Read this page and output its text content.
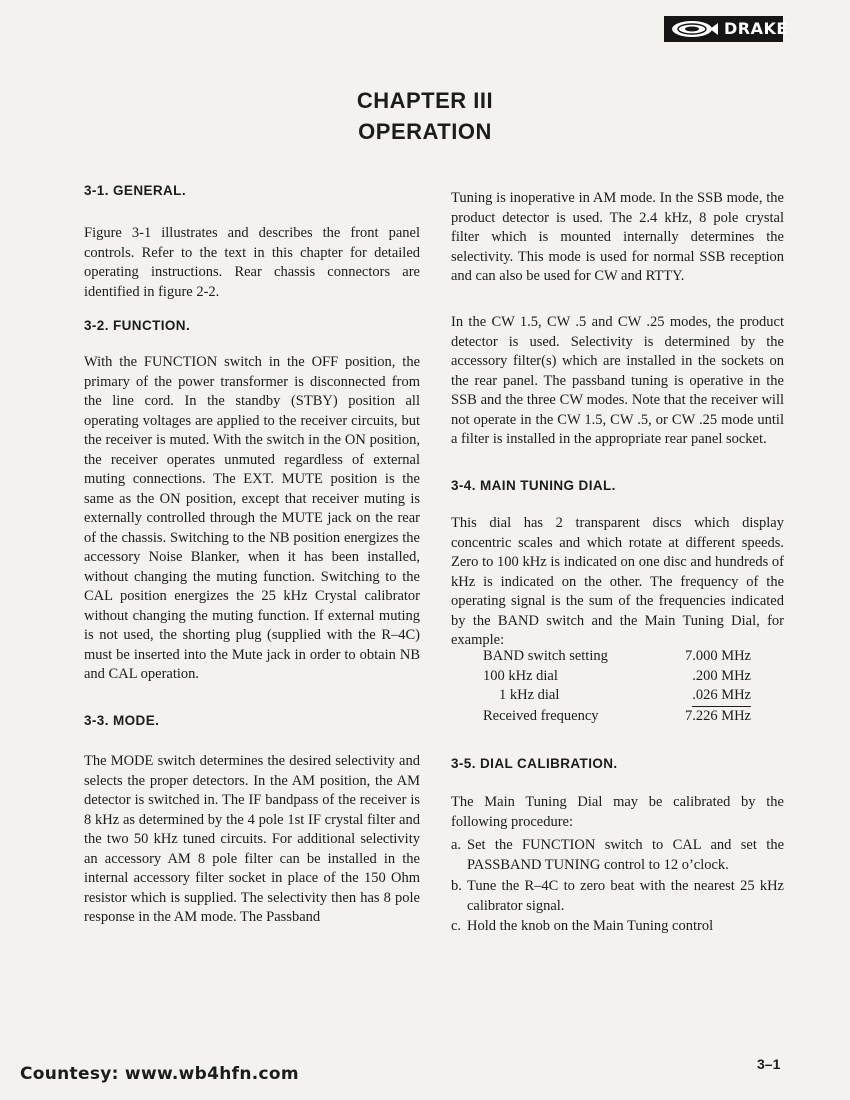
DRAKE
CHAPTER III
OPERATION
3-1. GENERAL.
Figure 3-1 illustrates and describes the front panel controls. Refer to the text in this chapter for detailed operating instructions. Rear chassis connectors are identified in figure 2-2.
3-2. FUNCTION.
With the FUNCTION switch in the OFF position, the primary of the power transformer is disconnected from the line cord. In the standby (STBY) position all operating voltages are applied to the receiver circuits, but the receiver is muted. With the switch in the ON position, the receiver operates unmuted regardless of external muting connections. The EXT. MUTE position is the same as the ON position, except that receiver muting is externally controlled through the MUTE jack on the rear of the chassis. Switching to the NB position energizes the accessory Noise Blanker, when it has been installed, without changing the muting function. Switching to the CAL position energizes the 25 kHz Crystal calibrator without changing the muting function. If external muting is not used, the shorting plug (supplied with the R–4C) must be inserted into the Mute jack in order to obtain NB and CAL operation.
3-3. MODE.
The MODE switch determines the desired selectivity and selects the proper detectors. In the AM position, the AM detector is switched in. The IF bandpass of the receiver is 8 kHz as determined by the 4 pole 1st IF crystal filter and the two 50 kHz tuned circuits. For additional selectivity an accessory AM 8 pole filter can be installed in the internal accessory filter socket in place of the 150 Ohm resistor which is supplied. The selectivity then has 8 pole response in the AM mode. The Passband
Tuning is inoperative in AM mode. In the SSB mode, the product detector is used. The 2.4 kHz, 8 pole crystal filter which is mounted internally determines the selectivity. This mode is used for normal SSB reception and can also be used for CW and RTTY.
In the CW 1.5, CW .5 and CW .25 modes, the product detector is used. Selectivity is determined by the accessory filter(s) which are installed in the sockets on the rear panel. The passband tuning is operative in the SSB and the three CW modes. Note that the receiver will not operate in the CW 1.5, CW .5, or CW .25 mode until a filter is installed in the appropriate rear panel socket.
3-4. MAIN TUNING DIAL.
This dial has 2 transparent discs which display concentric scales and which rotate at different speeds. Zero to 100 kHz is indicated on one disc and hundreds of kHz is indicated on the other. The frequency of the operating signal is the sum of the frequencies indicated by the BAND switch and the Main Tuning Dial, for example:
3-5. DIAL CALIBRATION.
The Main Tuning Dial may be calibrated by the following procedure:
a. Set the FUNCTION switch to CAL and set the PASSBAND TUNING control to 12 o’clock.
b. Tune the R–4C to zero beat with the nearest 25 kHz calibrator signal.
c. Hold the knob on the Main Tuning control
BAND switch setting	7.000 MHz
100 kHz dial	.200 MHz
1 kHz dial	.026 MHz
Received frequency	7.226 MHz
3–1
Countesy: www.wb4hfn.com
